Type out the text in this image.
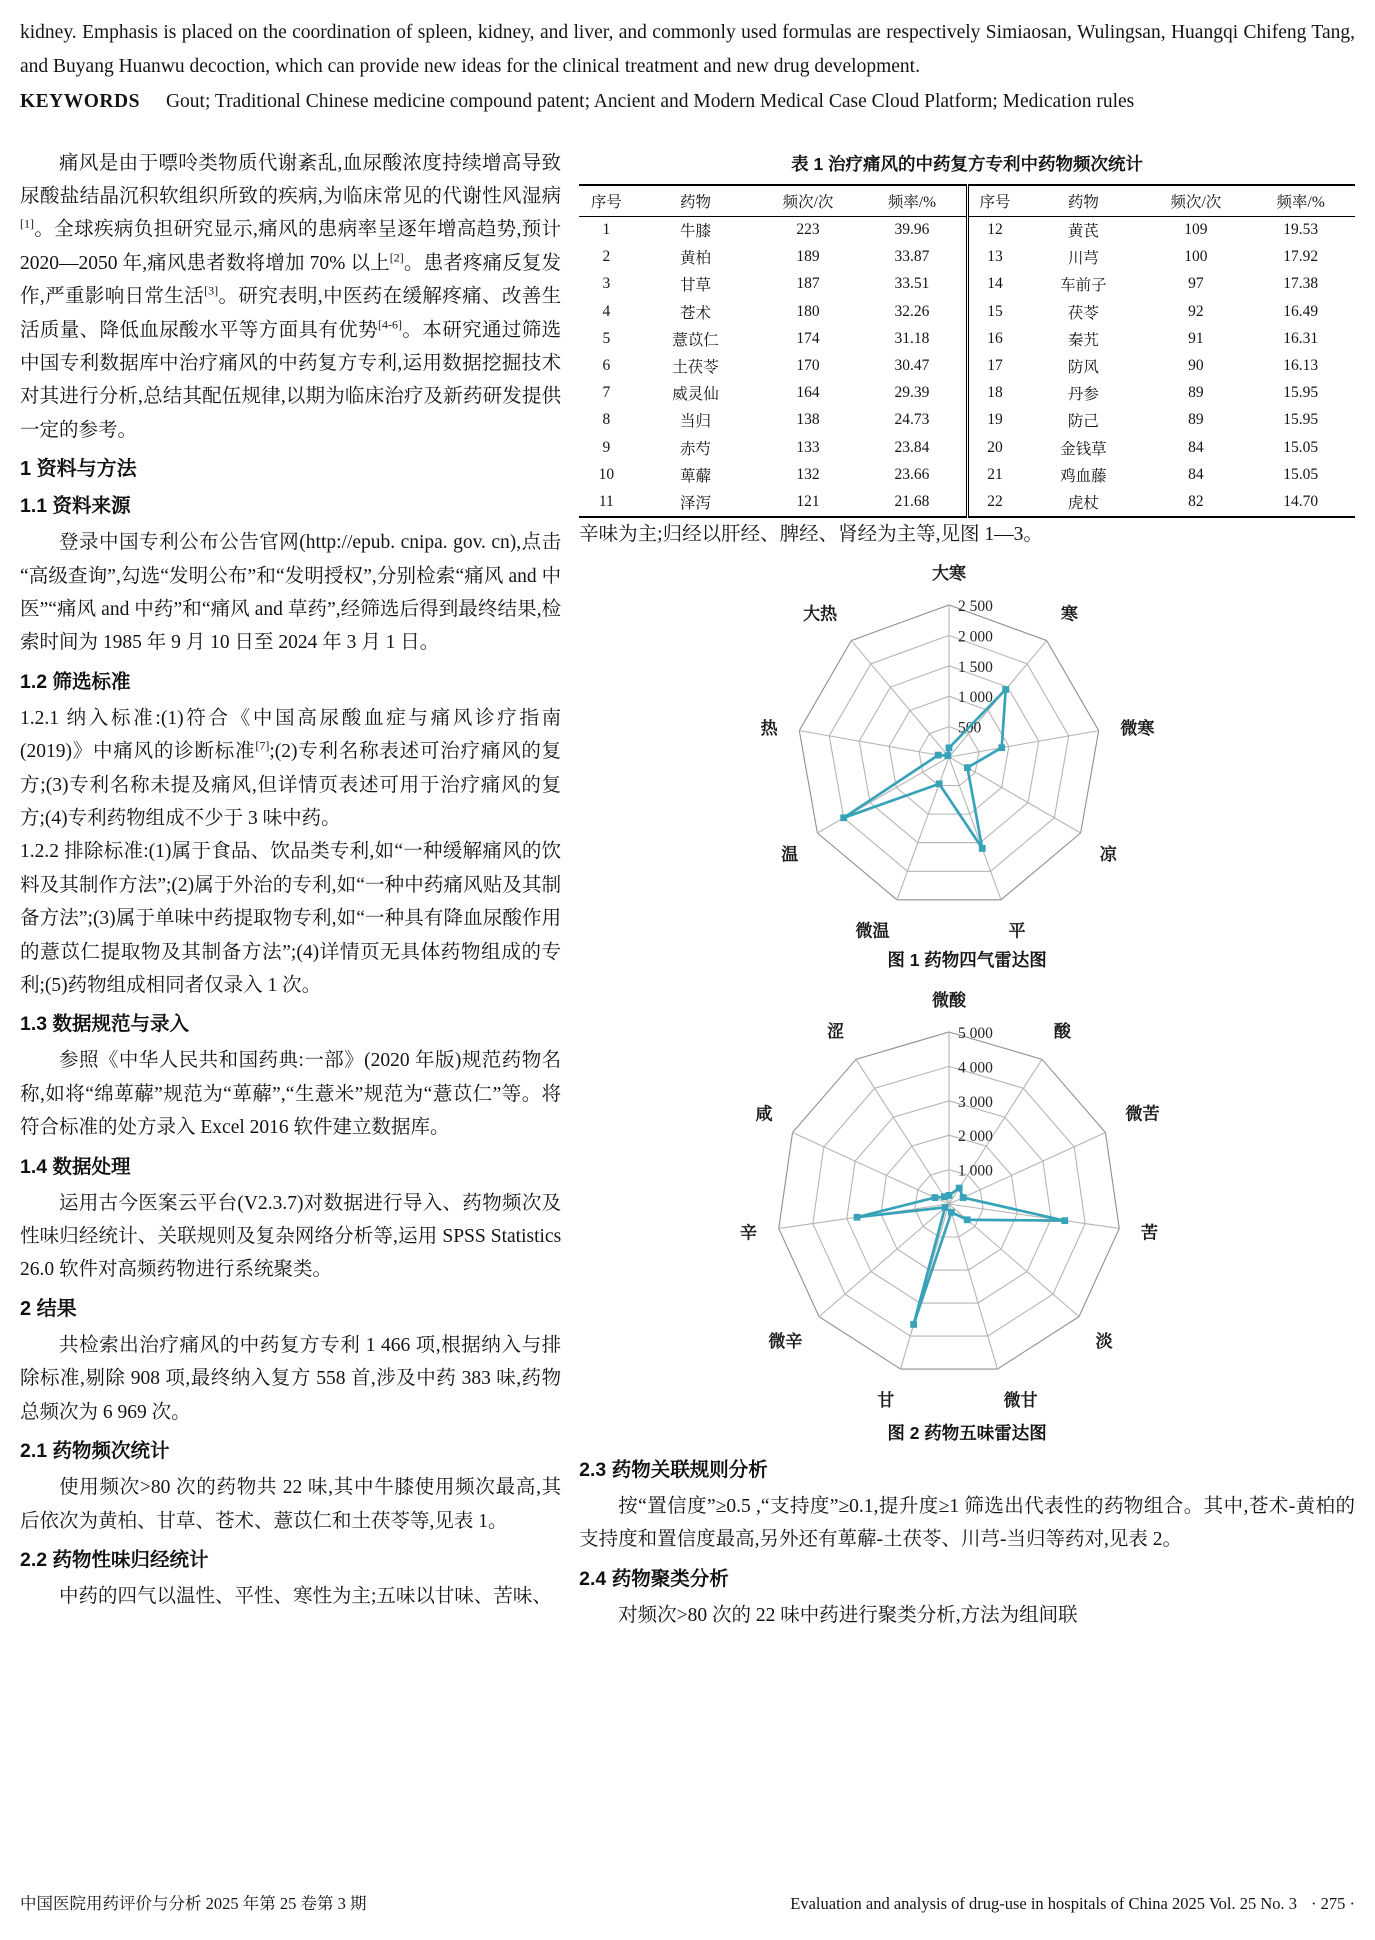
kidney. Emphasis is placed on the coordination of spleen, kidney, and liver, and commonly used formulas are respectively Simiaosan, Wulingsan, Huangqi Chifeng Tang, and Buyang Huanwu decoction, which can provide new ideas for the clinical treatment and new drug development.

KEYWORDS Gout; Traditional Chinese medicine compound patent; Ancient and Modern Medical Case Cloud Platform; Medication rules

痛风是由于嘌呤类物质代谢紊乱,血尿酸浓度持续增高导致尿酸盐结晶沉积软组织所致的疾病,为临床常见的代谢性风湿病[1]。全球疾病负担研究显示,痛风的患病率呈逐年增高趋势,预计 2020—2050 年,痛风患者数将增加 70% 以上[2]。患者疼痛反复发作,严重影响日常生活[3]。研究表明,中医药在缓解疼痛、改善生活质量、降低血尿酸水平等方面具有优势[4-6]。本研究通过筛选中国专利数据库中治疗痛风的中药复方专利,运用数据挖掘技术对其进行分析,总结其配伍规律,以期为临床治疗及新药研发提供一定的参考。

1 资料与方法
1.1 资料来源

登录中国专利公布公告官网(http://epub. cnipa. gov. cn),点击“高级查询”,勾选“发明公布”和“发明授权”,分别检索“痛风 and 中医”“痛风 and 中药”和“痛风 and 草药”,经筛选后得到最终结果,检索时间为 1985 年 9 月 10 日至 2024 年 3 月 1 日。

1.2 筛选标准

1.2.1 纳入标准:(1)符合《中国高尿酸血症与痛风诊疗指南(2019)》中痛风的诊断标准[7];(2)专利名称表述可治疗痛风的复方;(3)专利名称未提及痛风,但详情页表述可用于治疗痛风的复方;(4)专利药物组成不少于 3 味中药。

1.2.2 排除标准:(1)属于食品、饮品类专利,如“一种缓解痛风的饮料及其制作方法”;(2)属于外治的专利,如“一种中药痛风贴及其制备方法”;(3)属于单味中药提取物专利,如“一种具有降血尿酸作用的薏苡仁提取物及其制备方法”;(4)详情页无具体药物组成的专利;(5)药物组成相同者仅录入 1 次。

1.3 数据规范与录入

参照《中华人民共和国药典:一部》(2020 年版)规范药物名称,如将“绵萆薢”规范为“萆薢”,“生薏米”规范为“薏苡仁”等。将符合标准的处方录入 Excel 2016 软件建立数据库。

1.4 数据处理

运用古今医案云平台(V2.3.7)对数据进行导入、药物频次及性味归经统计、关联规则及复杂网络分析等,运用 SPSS Statistics 26.0 软件对高频药物进行系统聚类。

2 结果

共检索出治疗痛风的中药复方专利 1 466 项,根据纳入与排除标准,剔除 908 项,最终纳入复方 558 首,涉及中药 383 味,药物总频次为 6 969 次。

2.1 药物频次统计

使用频次>80 次的药物共 22 味,其中牛膝使用频次最高,其后依次为黄柏、甘草、苍术、薏苡仁和土茯苓等,见表 1。

2.2 药物性味归经统计

中药的四气以温性、平性、寒性为主;五味以甘味、苦味、

表 1 治疗痛风的中药复方专利中药物频次统计
序号	药物	频次/次	频率/%	序号	药物	频次/次	频率/%
1	牛膝	223	39.96	12	黄芪	109	19.53
2	黄柏	189	33.87	13	川芎	100	17.92
3	甘草	187	33.51	14	车前子	97	17.38
4	苍术	180	32.26	15	茯苓	92	16.49
5	薏苡仁	174	31.18	16	秦艽	91	16.31
6	土茯苓	170	30.47	17	防风	90	16.13
7	威灵仙	164	29.39	18	丹参	89	15.95
8	当归	138	24.73	19	防己	89	15.95
9	赤芍	133	23.84	20	金钱草	84	15.05
10	萆薢	132	23.66	21	鸡血藤	84	15.05
11	泽泻	121	21.68	22	虎杖	82	14.70

辛味为主;归经以肝经、脾经、肾经为主等,见图 1—3。

500
1 000
1 500
2 000
2 500
大寒
寒
微寒
凉
平
微温
温
热
大热
图 1 药物四气雷达图
1 000
2 000
3 000
4 000
5 000
微酸
酸
微苦
苦
淡
微甘
甘
微辛
辛
咸
涩
图 2 药物五味雷达图
2.3 药物关联规则分析

按“置信度”≥0.5 ,“支持度”≥0.1,提升度≥1 筛选出代表性的药物组合。其中,苍术-黄柏的支持度和置信度最高,另外还有萆薢-土茯苓、川芎-当归等药对,见表 2。

2.4 药物聚类分析

对频次>80 次的 22 味中药进行聚类分析,方法为组间联

中国医院用药评价与分析 2025 年第 25 卷第 3 期	Evaluation and analysis of drug-use in hospitals of China 2025 Vol. 25 No. 3 · 275 ·
